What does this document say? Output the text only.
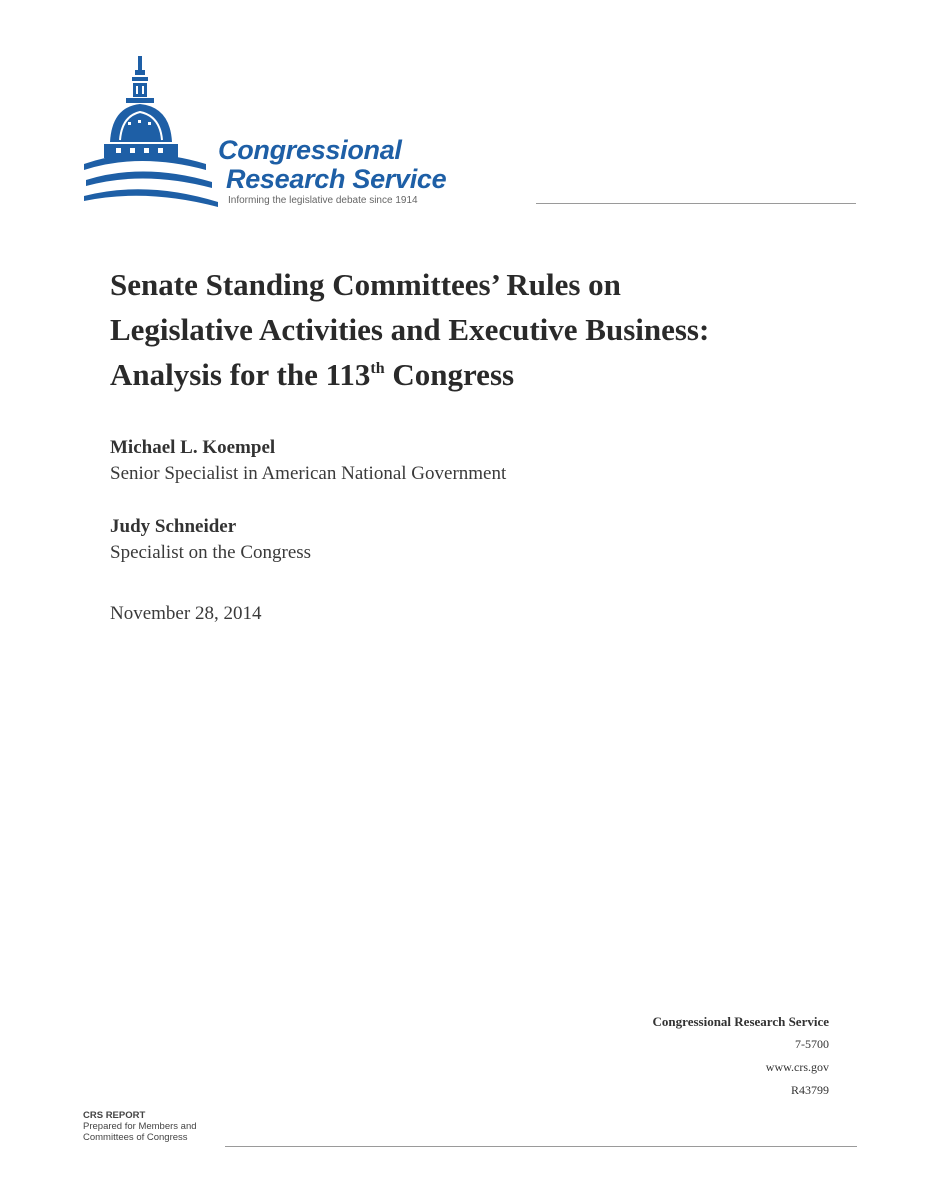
Congressional
Research Service
Informing the legislative debate since 1914
Senate Standing Committees’ Rules on
Legislative Activities and Executive Business:
Analysis for the 113th Congress
Michael L. Koempel
Senior Specialist in American National Government
Judy Schneider
Specialist on the Congress
November 28, 2014
Congressional Research Service
7-5700
www.crs.gov
R43799
CRS REPORT
Prepared for Members and
Committees of Congress
